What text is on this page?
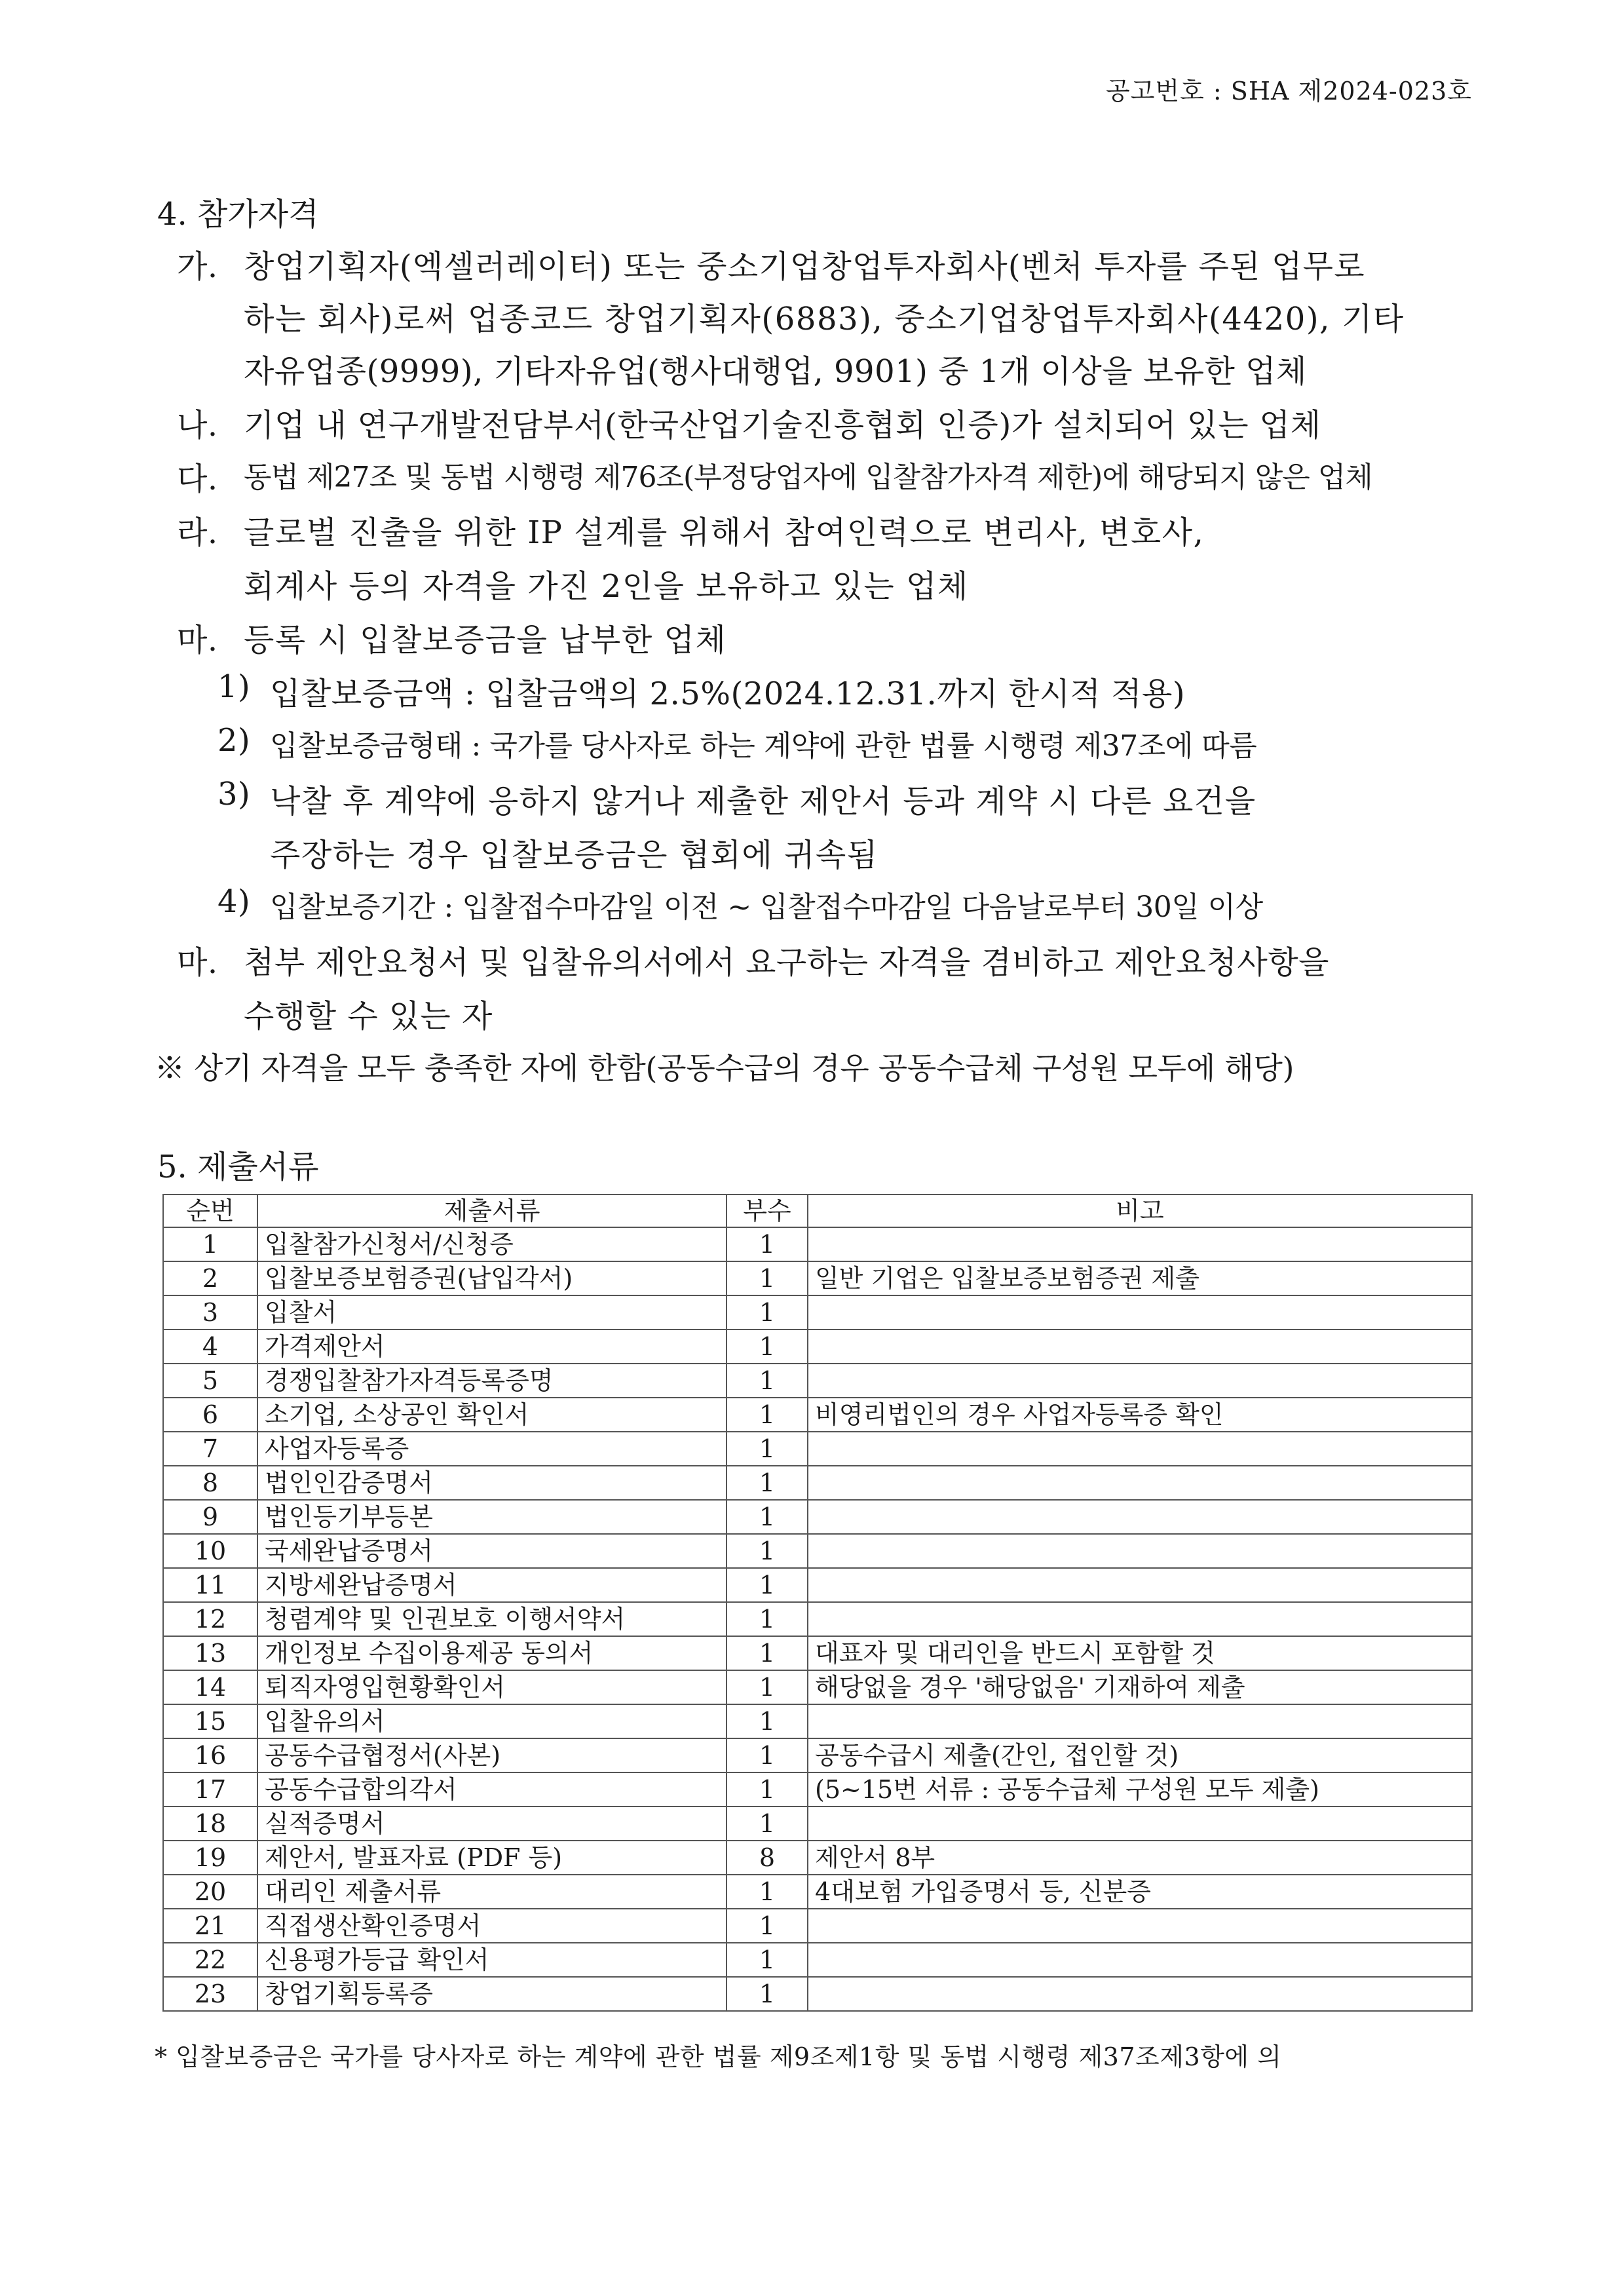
공고번호 : SHA 제2024-023호
4. 참가자격
가. 창업기획자(엑셀러레이터) 또는 중소기업창업투자회사(벤처 투자를 주된 업무로
하는 회사)로써 업종코드 창업기획자(6883), 중소기업창업투자회사(4420), 기타
자유업종(9999), 기타자유업(행사대행업, 9901) 중 1개 이상을 보유한 업체
나. 기업 내 연구개발전담부서(한국산업기술진흥협회 인증)가 설치되어 있는 업체
다. 동법 제27조 및 동법 시행령 제76조(부정당업자에 입찰참가자격 제한)에 해당되지 않은 업체
라. 글로벌 진출을 위한 IP 설계를 위해서 참여인력으로 변리사, 변호사,
회계사 등의 자격을 가진 2인을 보유하고 있는 업체
마. 등록 시 입찰보증금을 납부한 업체
1) 입찰보증금액 : 입찰금액의 2.5%(2024.12.31.까지 한시적 적용)
2) 입찰보증금형태 : 국가를 당사자로 하는 계약에 관한 법률 시행령 제37조에 따름
3) 낙찰 후 계약에 응하지 않거나 제출한 제안서 등과 계약 시 다른 요건을
주장하는 경우 입찰보증금은 협회에 귀속됨
4) 입찰보증기간 : 입찰접수마감일 이전 ~ 입찰접수마감일 다음날로부터 30일 이상
마. 첨부 제안요청서 및 입찰유의서에서 요구하는 자격을 겸비하고 제안요청사항을
수행할 수 있는 자
※ 상기 자격을 모두 충족한 자에 한함(공동수급의 경우 공동수급체 구성원 모두에 해당)
5. 제출서류
순번	제출서류	부수	비고
1	입찰참가신청서/신청증	1	
2	입찰보증보험증권(납입각서)	1	일반 기업은 입찰보증보험증권 제출
3	입찰서	1	
4	가격제안서	1	
5	경쟁입찰참가자격등록증명	1	
6	소기업, 소상공인 확인서	1	비영리법인의 경우 사업자등록증 확인
7	사업자등록증	1	
8	법인인감증명서	1	
9	법인등기부등본	1	
10	국세완납증명서	1	
11	지방세완납증명서	1	
12	청렴계약 및 인권보호 이행서약서	1	
13	개인정보 수집이용제공 동의서	1	대표자 및 대리인을 반드시 포함할 것
14	퇴직자영입현황확인서	1	해당없을 경우 '해당없음' 기재하여 제출
15	입찰유의서	1	
16	공동수급협정서(사본)	1	공동수급시 제출(간인, 접인할 것)
17	공동수급합의각서	1	(5~15번 서류 : 공동수급체 구성원 모두 제출)
18	실적증명서	1	
19	제안서, 발표자료 (PDF 등)	8	제안서 8부
20	대리인 제출서류	1	4대보험 가입증명서 등, 신분증
21	직접생산확인증명서	1	
22	신용평가등급 확인서	1	
23	창업기획등록증	1	
* 입찰보증금은 국가를 당사자로 하는 계약에 관한 법률 제9조제1항 및 동법 시행령 제37조제3항에 의
